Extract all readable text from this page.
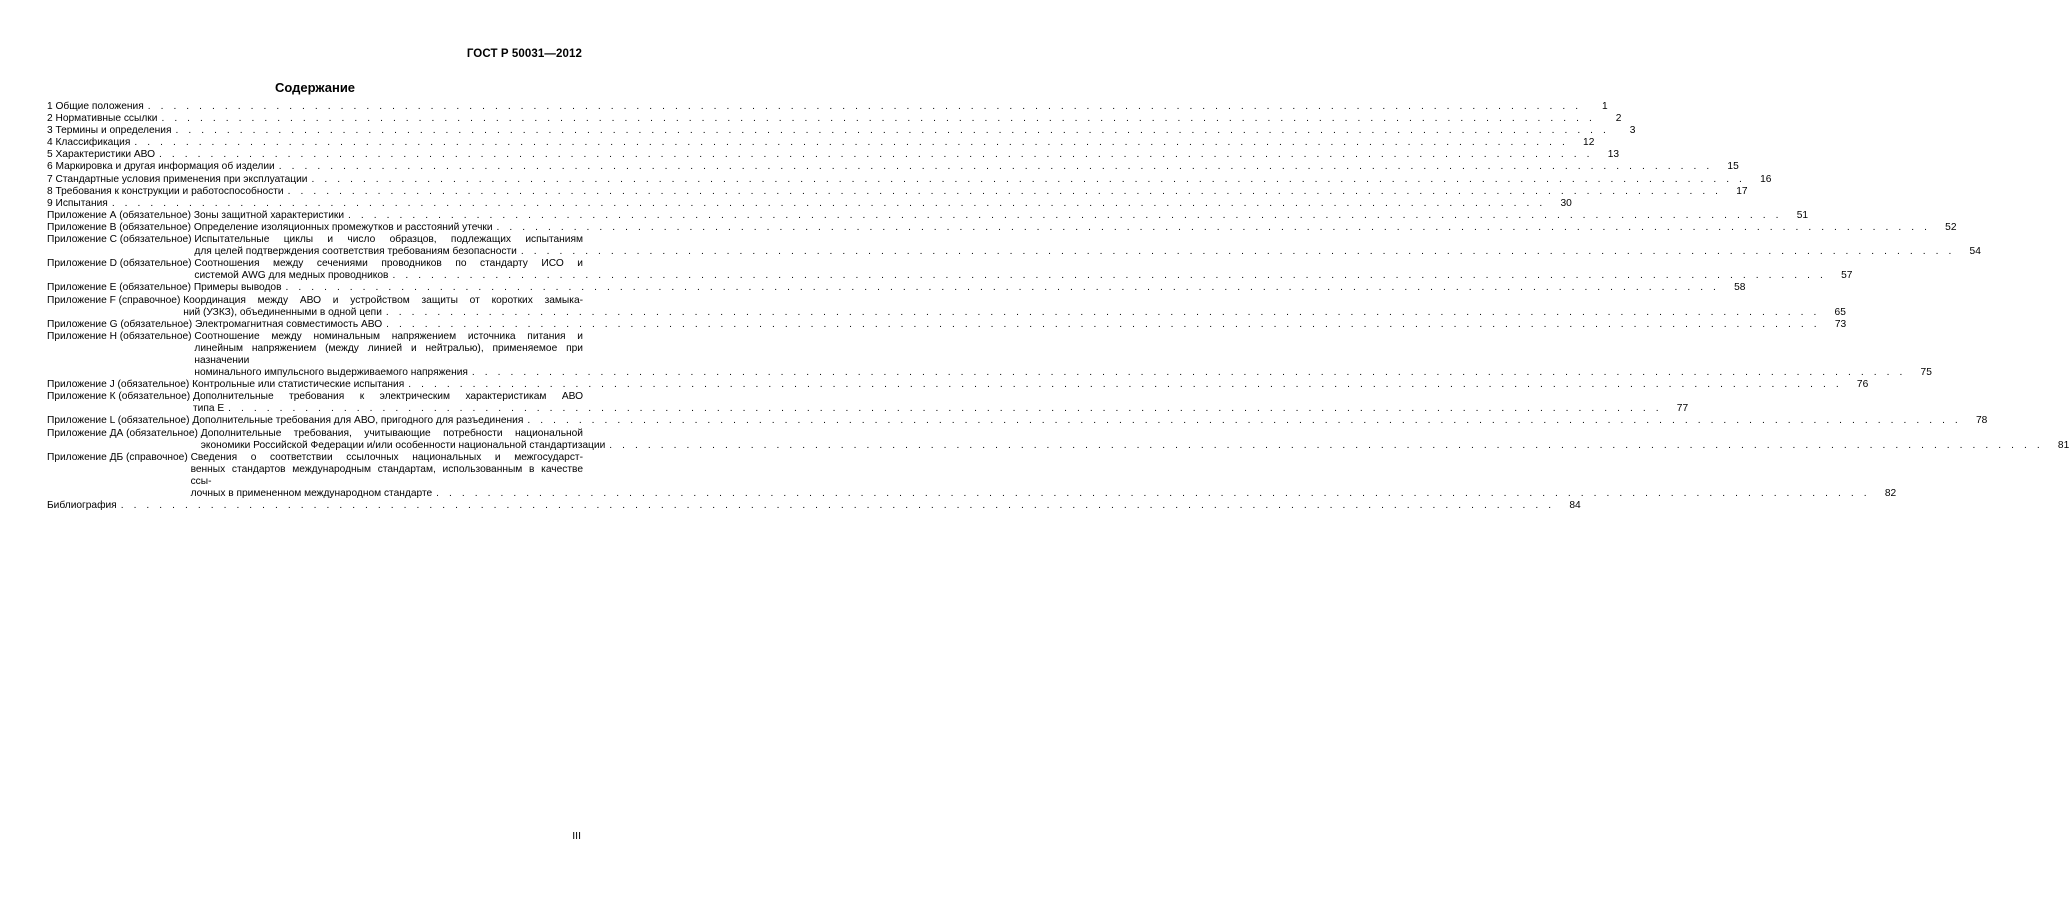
ГОСТ Р 50031—2012
Содержание
1 Общие положения . . .	1
2 Нормативные ссылки . . .	2
3 Термины и определения . . .	3
4 Классификация . . .	12
5 Характеристики АВО . . .	13
6 Маркировка и другая информация об изделии . . .	15
7 Стандартные условия применения при эксплуатации . . .	16
8 Требования к конструкции и работоспособности . . .	17
9 Испытания . . .	30
Приложение А (обязательное) Зоны защитной характеристики . . .	51
Приложение В (обязательное) Определение изоляционных промежутков и расстояний утечки . . .	52
Приложение С (обязательное) Испытательные циклы и число образцов, подлежащих испытаниям
для целей подтверждения соответствия требованиям безопасности . . .	54
Приложение D (обязательное) Соотношения между сечениями проводников по стандарту ИСО и
системой AWG для медных проводников . . .	57
Приложение Е (обязательное) Примеры выводов . . .	58
Приложение F (справочное) Координация между АВО и устройством защиты от коротких замыка-
ний (УЗКЗ), объединенными в одной цепи . . .	65
Приложение G (обязательное) Электромагнитная совместимость АВО . . .	73
Приложение Н (обязательное) Соотношение между номинальным напряжением источника питания и
линейным напряжением (между линией и нейтралью), применяемое при назначении
номинального импульсного выдерживаемого напряжения . . .	75
Приложение J (обязательное) Контрольные или статистические испытания . . .	76
Приложение К (обязательное) Дополнительные требования к электрическим характеристикам АВО
типа Е . . .	77
Приложение L (обязательное) Дополнительные требования для АВО, пригодного для разъединения . . .	78
Приложение ДА (обязательное) Дополнительные требования, учитывающие потребности национальной
экономики Российской Федерации и/или особенности национальной стандартизации . . .	81
Приложение ДБ (справочное) Сведения о соответствии ссылочных национальных и межгосударст-
венных стандартов международным стандартам, использованным в качестве ссы-
лочных в примененном международном стандарте . . .	82
Библиография . . .	84
III
